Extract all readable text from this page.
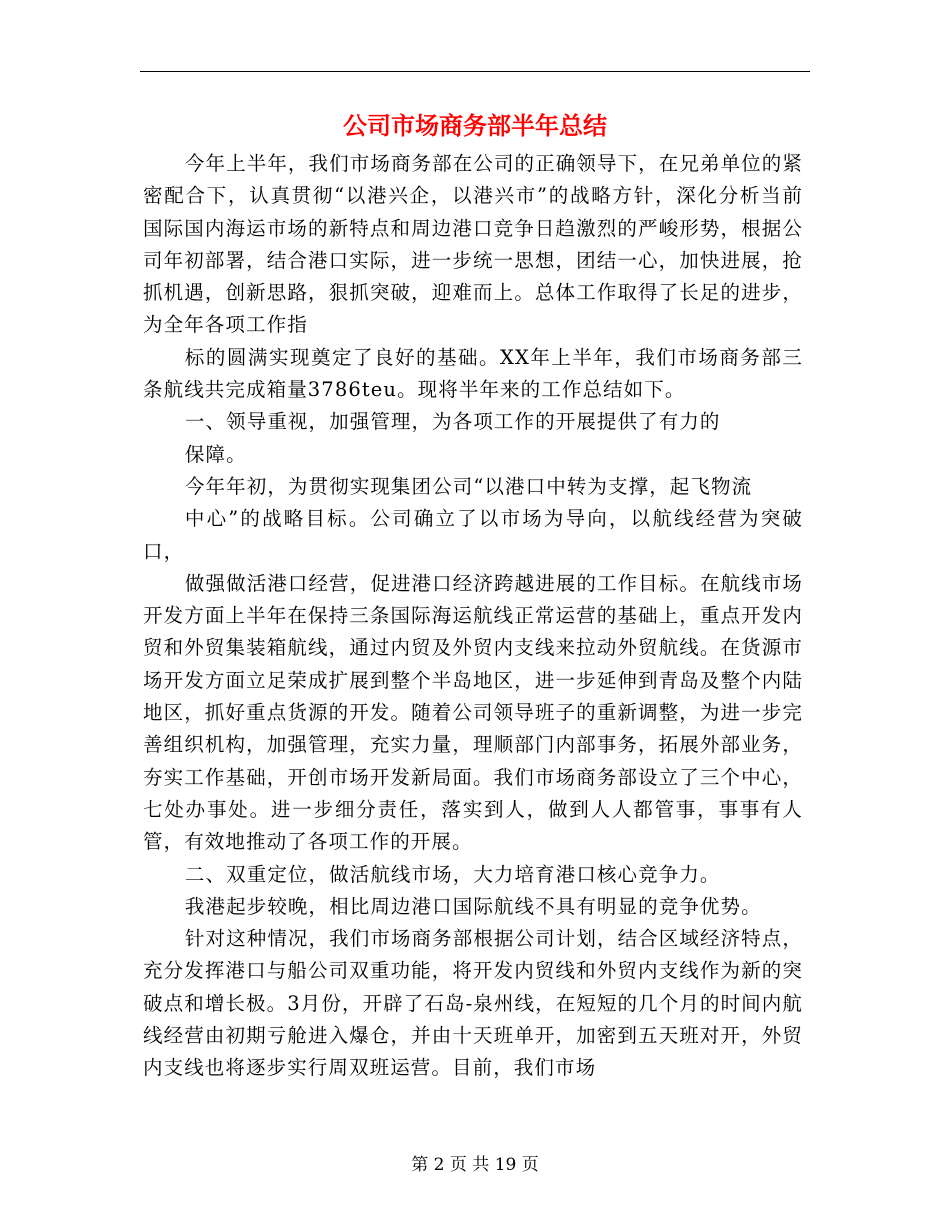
公司市场商务部半年总结

今年上半年，我们市场商务部在公司的正确领导下，在兄弟单位的紧密配合下，认真贯彻“以港兴企，以港兴市”的战略方针，深化分析当前国际国内海运市场的新特点和周边港口竞争日趋激烈的严峻形势，根据公司年初部署，结合港口实际，进一步统一思想，团结一心，加快进展，抢抓机遇，创新思路，狠抓突破，迎难而上。总体工作取得了长足的进步，为全年各项工作指

标的圆满实现奠定了良好的基础。XX年上半年，我们市场商务部三条航线共完成箱量3786teu。现将半年来的工作总结如下。

一、领导重视，加强管理，为各项工作的开展提供了有力的

保障。

今年年初，为贯彻实现集团公司“以港口中转为支撑，起飞物流

中心”的战略目标。公司确立了以市场为导向，以航线经营为突破口，

做强做活港口经营，促进港口经济跨越进展的工作目标。在航线市场开发方面上半年在保持三条国际海运航线正常运营的基础上，重点开发内贸和外贸集装箱航线，通过内贸及外贸内支线来拉动外贸航线。在货源市场开发方面立足荣成扩展到整个半岛地区，进一步延伸到青岛及整个内陆地区，抓好重点货源的开发。随着公司领导班子的重新调整，为进一步完善组织机构，加强管理，充实力量，理顺部门内部事务，拓展外部业务，夯实工作基础，开创市场开发新局面。我们市场商务部设立了三个中心，七处办事处。进一步细分责任，落实到人，做到人人都管事，事事有人管，有效地推动了各项工作的开展。

二、双重定位，做活航线市场，大力培育港口核心竞争力。

我港起步较晚，相比周边港口国际航线不具有明显的竞争优势。

针对这种情况，我们市场商务部根据公司计划，结合区域经济特点，充分发挥港口与船公司双重功能，将开发内贸线和外贸内支线作为新的突破点和增长极。3月份，开辟了石岛-泉州线，在短短的几个月的时间内航线经营由初期亏舱进入爆仓，并由十天班单开，加密到五天班对开，外贸内支线也将逐步实行周双班运营。目前，我们市场

第 2 页 共 19 页
